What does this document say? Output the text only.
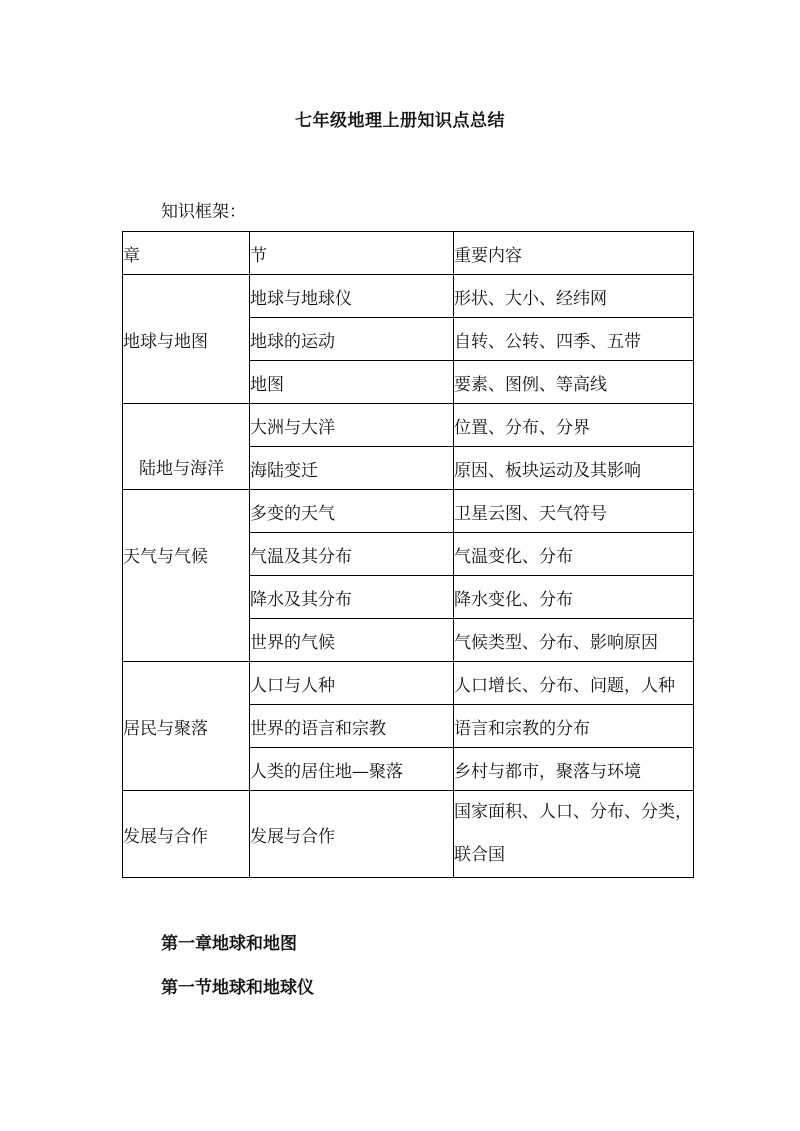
七年级地理上册知识点总结
知识框架：
章	节	重要内容
地球与地图	地球与地球仪	形状、大小、经纬网
	地球的运动	自转、公转、四季、五带
	地图	要素、图例、等高线
陆地与海洋	大洲与大洋	位置、分布、分界
	海陆变迁	原因、板块运动及其影响
天气与气候	多变的天气	卫星云图、天气符号
	气温及其分布	气温变化、分布
	降水及其分布	降水变化、分布
	世界的气候	气候类型、分布、影响原因
居民与聚落	人口与人种	人口增长、分布、问题，人种
	世界的语言和宗教	语言和宗教的分布
	人类的居住地—聚落	乡村与都市，聚落与环境
发展与合作	发展与合作	国家面积、人口、分布、分类，联合国
第一章地球和地图
第一节地球和地球仪
